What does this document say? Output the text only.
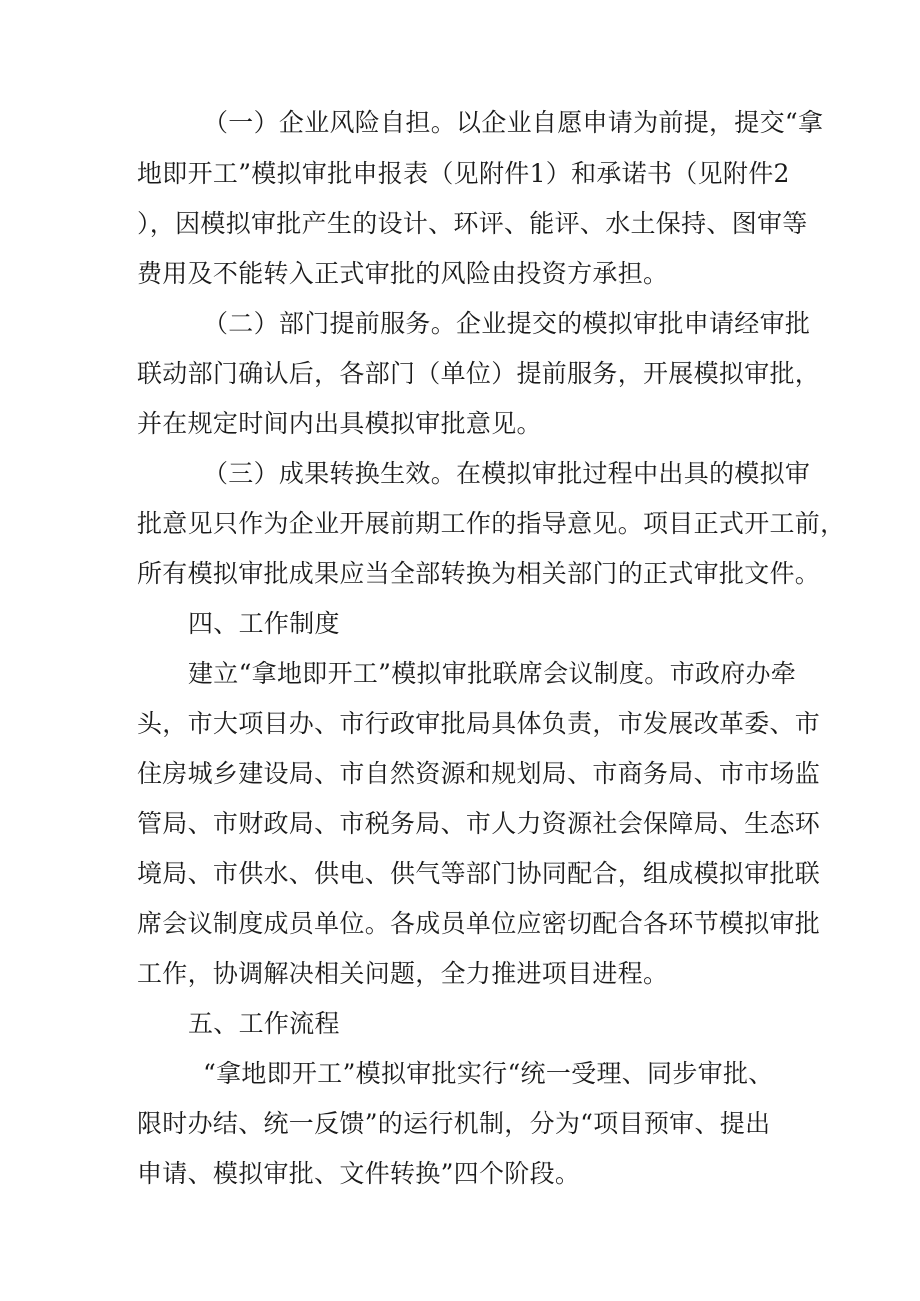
（一）企业风险自担。以企业自愿申请为前提，提交“拿
地即开工”模拟审批申报表（见附件1）和承诺书（见附件2
），因模拟审批产生的设计、环评、能评、水土保持、图审等
费用及不能转入正式审批的风险由投资方承担。
（二）部门提前服务。企业提交的模拟审批申请经审批
联动部门确认后，各部门（单位）提前服务，开展模拟审批，
并在规定时间内出具模拟审批意见。
（三）成果转换生效。在模拟审批过程中出具的模拟审
批意见只作为企业开展前期工作的指导意见。项目正式开工前，
所有模拟审批成果应当全部转换为相关部门的正式审批文件。
四、工作制度
建立“拿地即开工”模拟审批联席会议制度。市政府办牵
头，市大项目办、市行政审批局具体负责，市发展改革委、市
住房城乡建设局、市自然资源和规划局、市商务局、市市场监
管局、市财政局、市税务局、市人力资源社会保障局、生态环
境局、市供水、供电、供气等部门协同配合，组成模拟审批联
席会议制度成员单位。各成员单位应密切配合各环节模拟审批
工作，协调解决相关问题，全力推进项目进程。
五、工作流程
“拿地即开工”模拟审批实行“统一受理、同步审批、
限时办结、统一反馈”的运行机制，分为“项目预审、提出
申请、模拟审批、文件转换”四个阶段。
